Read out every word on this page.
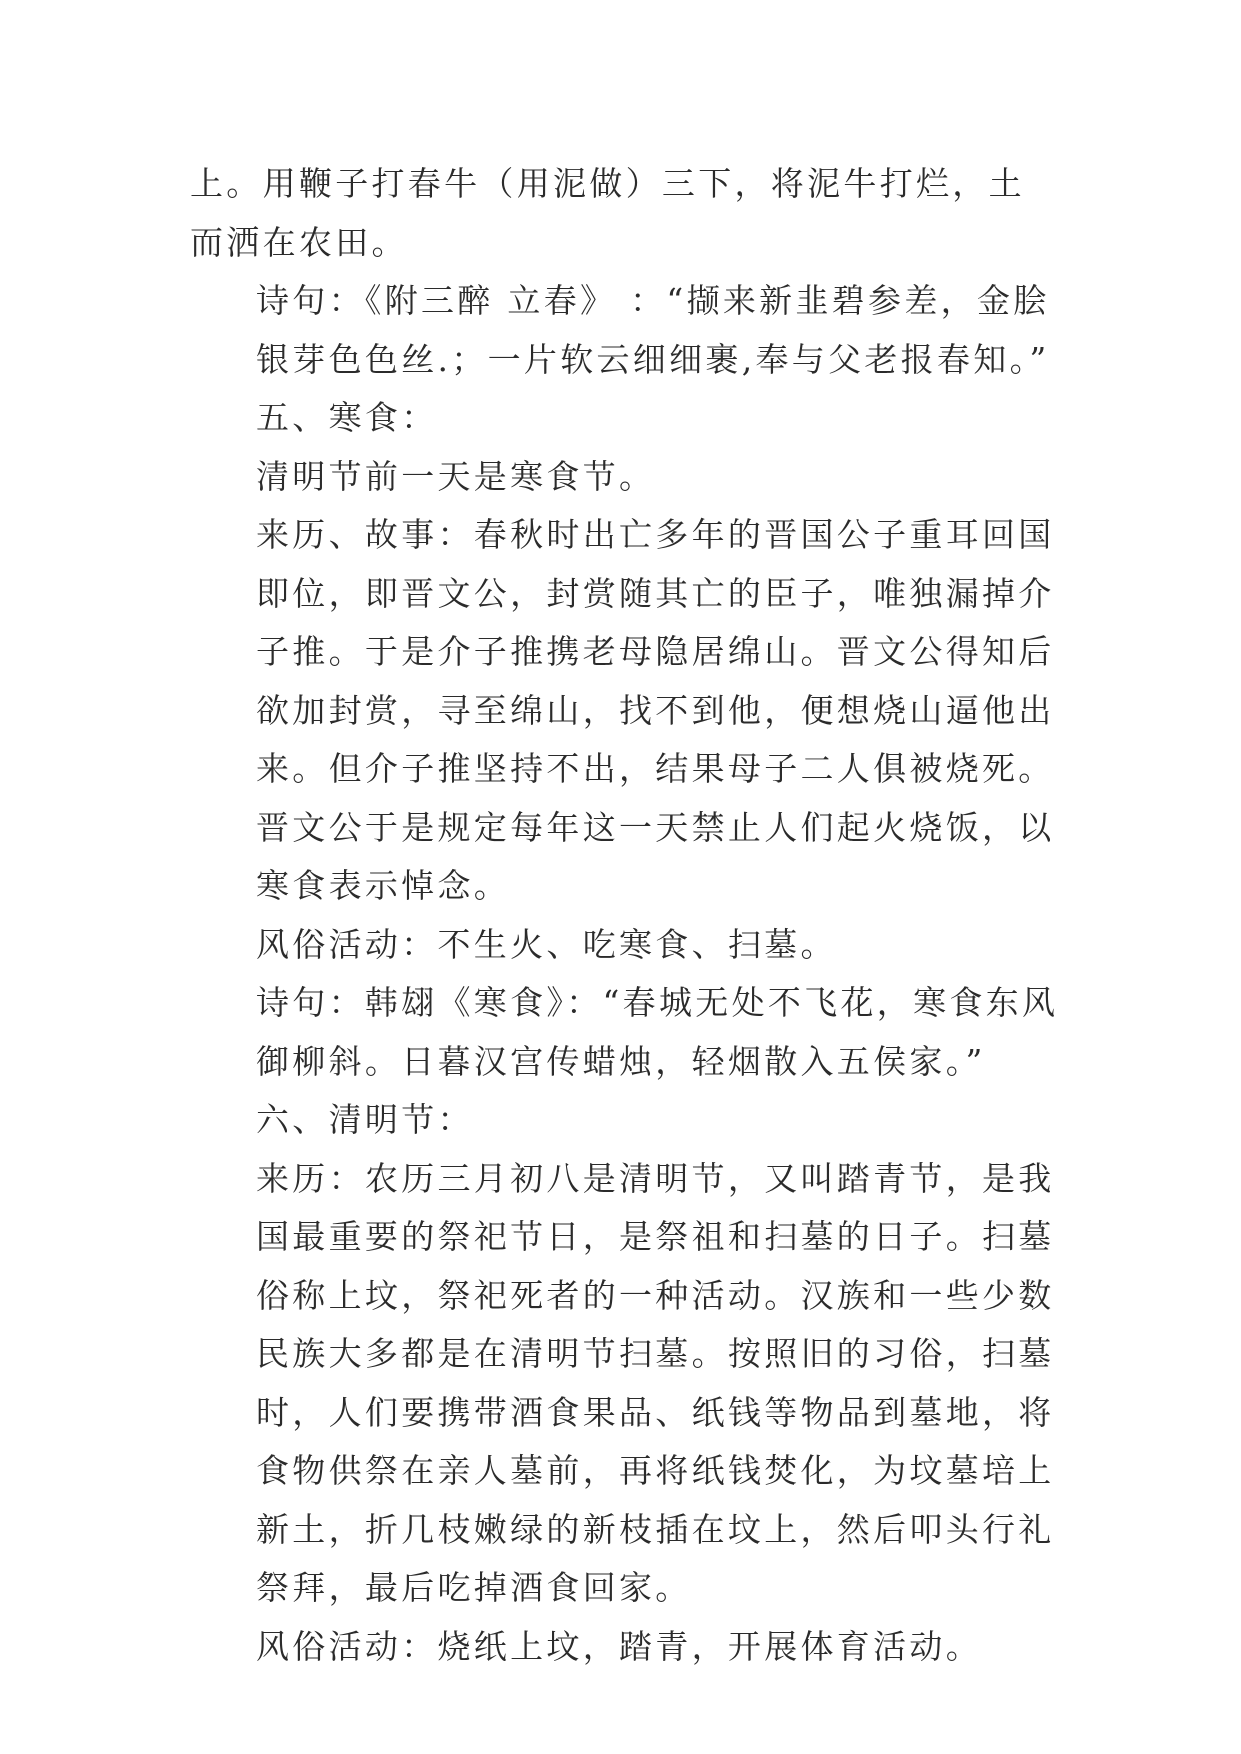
上。用鞭子打春牛（用泥做）三下，将泥牛打烂，土而洒在农田。

诗句：《附三醉 立春》 ：“撷来新韭碧参差，金脍银芽色色丝.；一片软云细细裹,奉与父老报春知。”

五、寒食：

清明节前一天是寒食节。

来历、故事：春秋时出亡多年的晋国公子重耳回国即位，即晋文公，封赏随其亡的臣子，唯独漏掉介子推。于是介子推携老母隐居绵山。晋文公得知后欲加封赏，寻至绵山，找不到他，便想烧山逼他出来。但介子推坚持不出，结果母子二人俱被烧死。晋文公于是规定每年这一天禁止人们起火烧饭，以寒食表示悼念。

风俗活动：不生火、吃寒食、扫墓。

诗句：韩翃《寒食》：“春城无处不飞花，寒食东风御柳斜。日暮汉宫传蜡烛，轻烟散入五侯家。”

六、清明节：

来历：农历三月初八是清明节，又叫踏青节，是我国最重要的祭祀节日，是祭祖和扫墓的日子。扫墓俗称上坟，祭祀死者的一种活动。汉族和一些少数民族大多都是在清明节扫墓。按照旧的习俗，扫墓时，人们要携带酒食果品、纸钱等物品到墓地，将食物供祭在亲人墓前，再将纸钱焚化，为坟墓培上新土，折几枝嫩绿的新枝插在坟上，然后叩头行礼祭拜，最后吃掉酒食回家。

风俗活动：烧纸上坟，踏青，开展体育活动。
